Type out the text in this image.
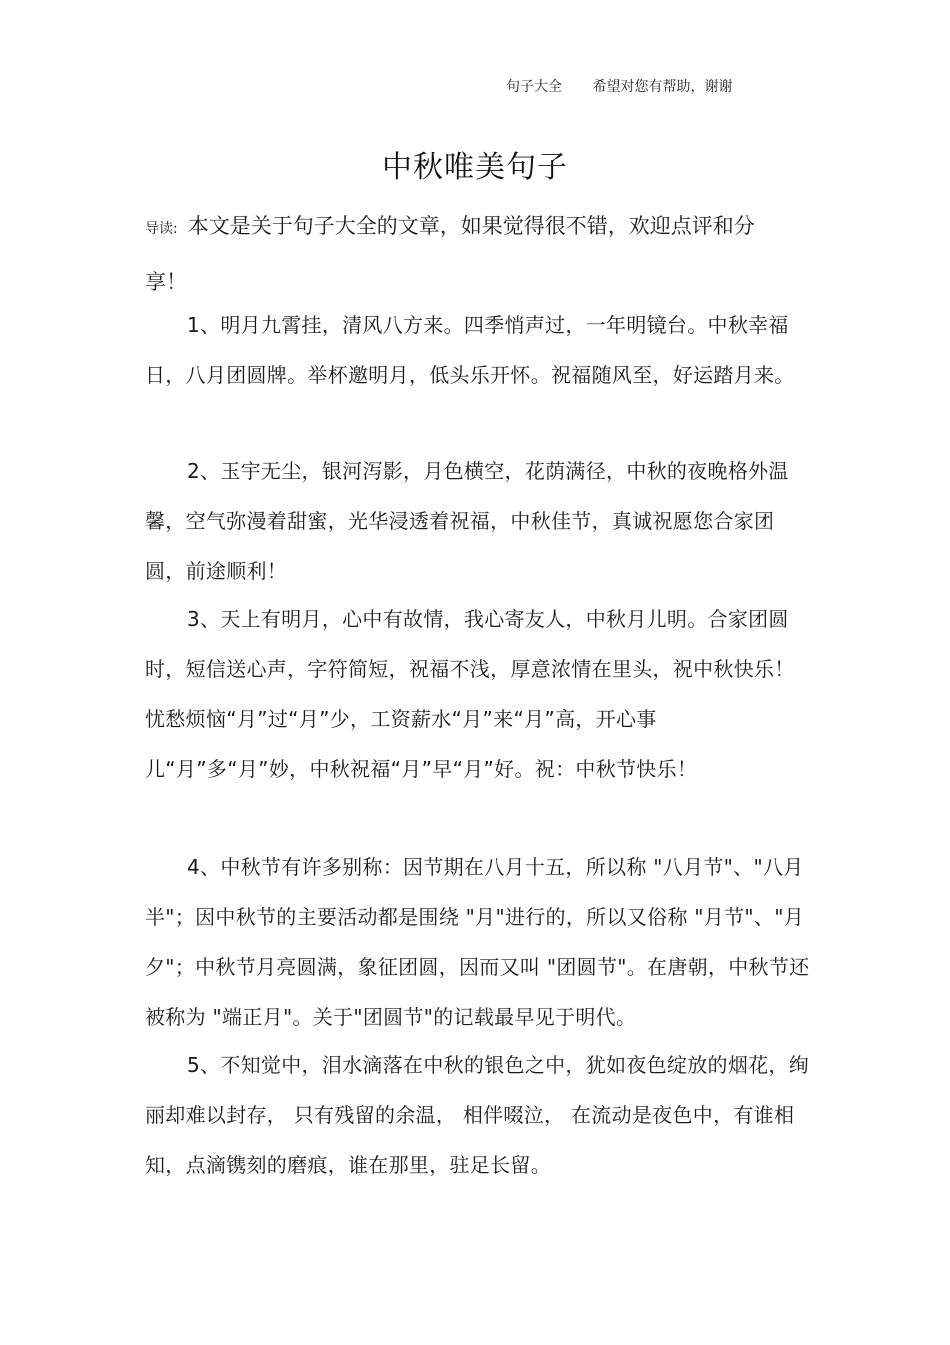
句子大全 希望对您有帮助，谢谢
中秋唯美句子
导读: 本文是关于句子大全的文章，如果觉得很不错，欢迎点评和分享！

1、明月九霄挂，清风八方来。四季悄声过，一年明镜台。中秋幸福日，八月团圆牌。举杯邀明月，低头乐开怀。祝福随风至，好运踏月来。

2、玉宇无尘，银河泻影，月色横空，花荫满径，中秋的夜晚格外温馨，空气弥漫着甜蜜，光华浸透着祝福，中秋佳节，真诚祝愿您合家团圆，前途顺利！

3、天上有明月，心中有故情，我心寄友人，中秋月儿明。合家团圆时，短信送心声，字符简短，祝福不浅，厚意浓情在里头，祝中秋快乐！忧愁烦恼“月”过“月”少，工资薪水“月”来“月”高，开心事儿“月”多“月”妙，中秋祝福“月”早“月”好。祝：中秋节快乐！

4、中秋节有许多别称：因节期在八月十五，所以称 "八月节"、"八月半"；因中秋节的主要活动都是围绕 "月"进行的，所以又俗称 "月节"、"月夕"；中秋节月亮圆满，象征团圆，因而又叫 "团圆节"。在唐朝，中秋节还被称为 "端正月"。关于"团圆节"的记载最早见于明代。

5、不知觉中，泪水滴落在中秋的银色之中，犹如夜色绽放的烟花，绚丽却难以封存， 只有残留的余温， 相伴啜泣， 在流动是夜色中，有谁相知，点滴镌刻的磨痕，谁在那里，驻足长留。
